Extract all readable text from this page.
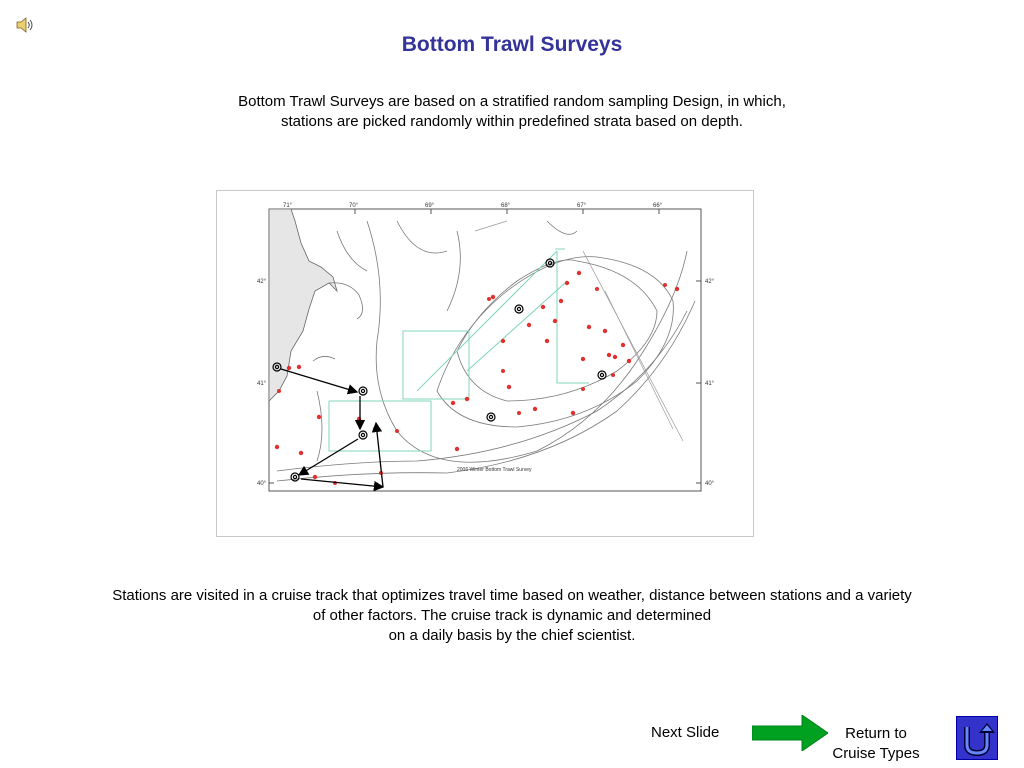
Bottom Trawl Surveys
Bottom Trawl Surveys are based on a stratified random sampling Design, in which, stations are picked randomly within predefined strata based on depth.
71°	70°	69°	68°	67°	66°
42°
41°
40°
42°
41°
40°
2006 Winter Bottom Trawl Survey
Stations are visited in a cruise track that optimizes travel time based on weather, distance between stations and a variety
of other factors. The cruise track is dynamic and determined
on a daily basis by the chief scientist.
Next Slide	Return to
Cruise Types
